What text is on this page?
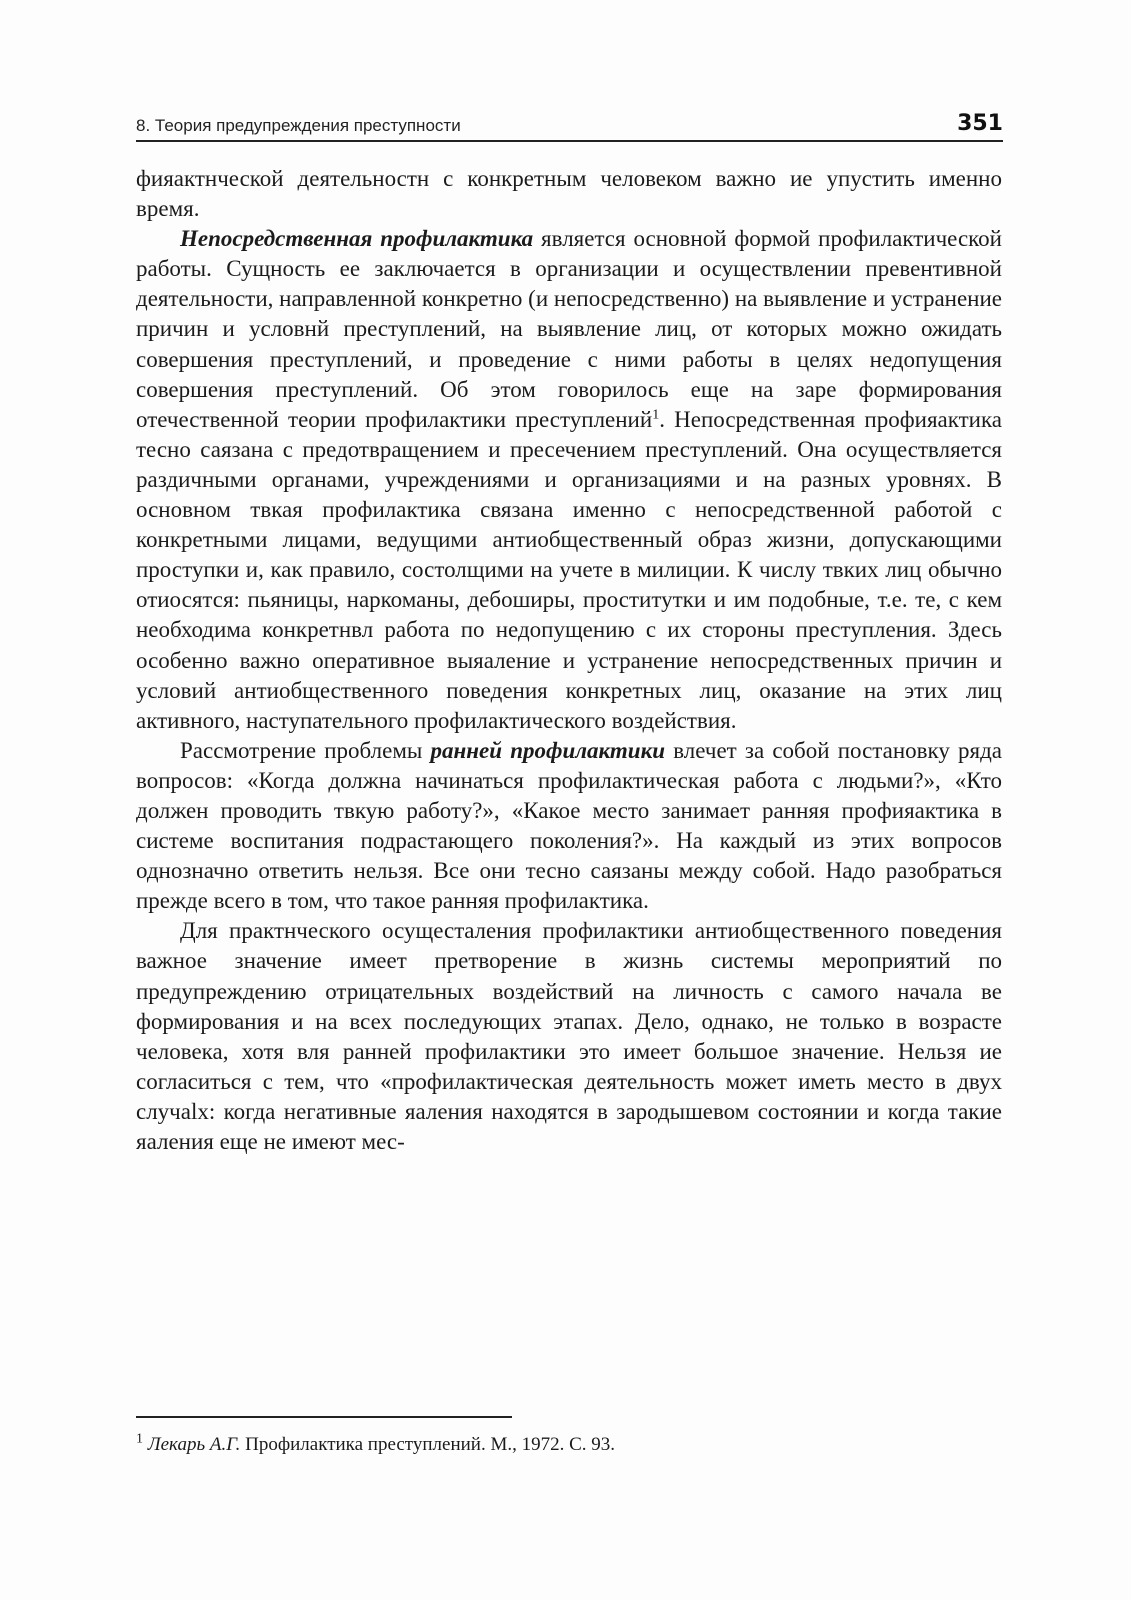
8. Теория предупреждения преступности	351

фияактнческой деятельностн с конкретным человеком важно ие упустить именно время.

Непосредственная профилактика является основной формой профилактической работы. Сущность ее заключается в организации и осуществлении превентивной деятельности, направленной конкретно (и непосредственно) на выявление и устранение причин и условнй преступлений, на выявление лиц, от которых можно ожидать совершения преступлений, и проведение с ними работы в целях недопущения совершения преступлений. Об этом говорилось еще на заре формирования отечественной теории профилактики преступлений$^1$. Непосредственная профияактика тесно саязана с предотвращением и пресечением преступлений. Она осуществляется раздичными органами, учреждениями и организациями и на разных уровнях. В основном твкая профилактика связана именно с непосредственной работой с конкретными лицами, ведущими антиобщественный образ жизни, допускающими проступки и, как правило, состолщими на учете в милиции. К числу твкиx лиц обычно отиосятся: пьяницы, наркоманы, дебоширы, проститутки и им подобные, т.е. те, с кем необходима конкретнвл работа по недопущению с их стороны преступления. Здесь особенно важно оперативное выяаление и устранение непосредственных причин и условий антиобщественного поведения конкретных лиц, оказание на этих лиц активного, наступательного профилактического воздействия.

Рассмотрение проблемы ранней профилактики влечет за собой постановку ряда вопросов: «Когда должна начинаться профилактическая работа с людьми?», «Кто должен проводить твкую работу?», «Какое место занимает ранняя профияактика в системе воспитания подрастающего поколения?». На каждый из этих вопросов однозначно ответить нельзя. Все они тесно саязаны между собой. Надо разобраться прежде всего в том, что такое ранняя профилактика.

Для практнческого осущестaления профилактики антиобщественного поведения важное значение имеет претворение в жизнь системы мероприятий по предупреждению отрицательных воздействий на личность с самого начала ве формирования и на всех последующих этапах. Дело, однако, не только в возрасте человека, хотя вля ранней профилактики это имеет большое значение. Нельзя ие согласиться с тем, что «профилактическая деятельность может иметь место в двух случаlх: когда негативные яаления находятся в зародышевом состоянии и когда такие яаления еще не имеют мес-

$^1$ Лекарь А.Г. Профилактика преступлений. М., 1972. С. 93.
